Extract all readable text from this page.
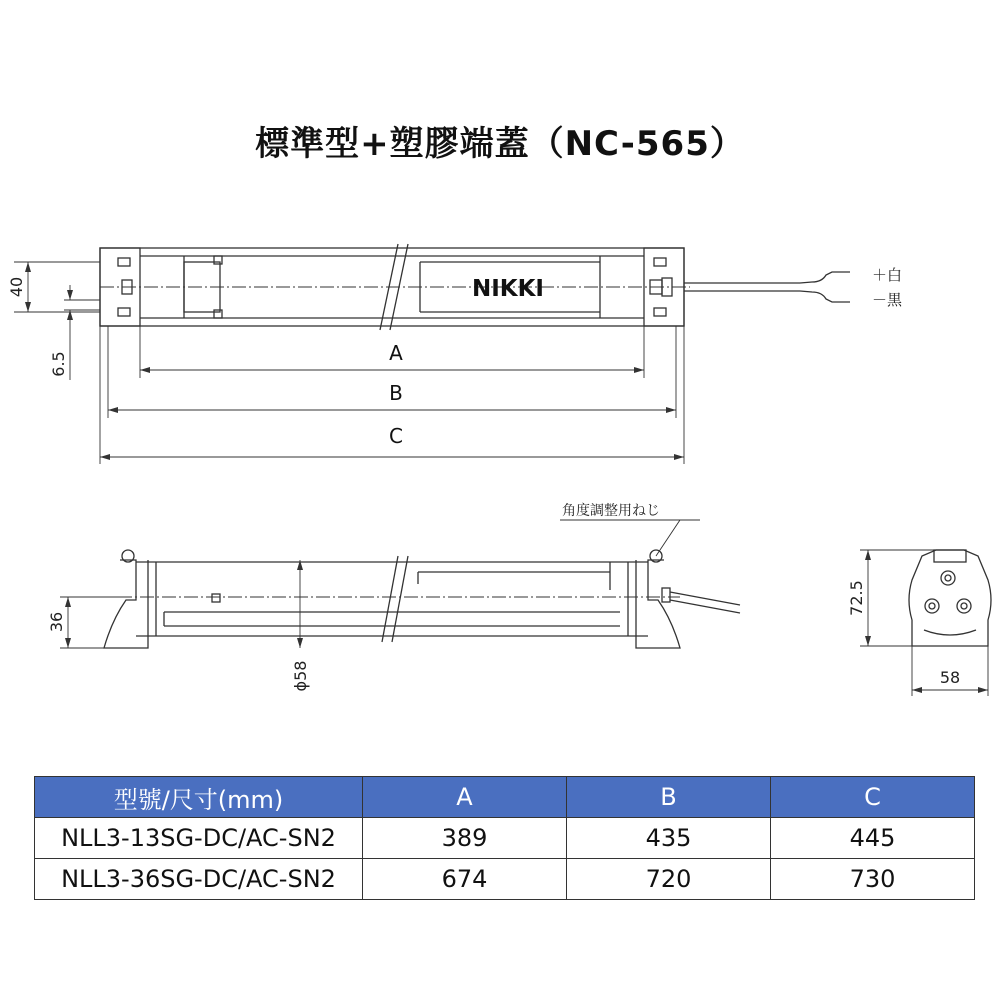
標準型+塑膠端蓋（NC-565）
NIKKI
＋白
－黒
A
B
C
40
6.5
36
ϕ58
72.5
58
角度調整用ねじ
型號/尺寸(mm)	A	B	C
NLL3-13SG-DC/AC-SN2	389	435	445
NLL3-36SG-DC/AC-SN2	674	720	730
